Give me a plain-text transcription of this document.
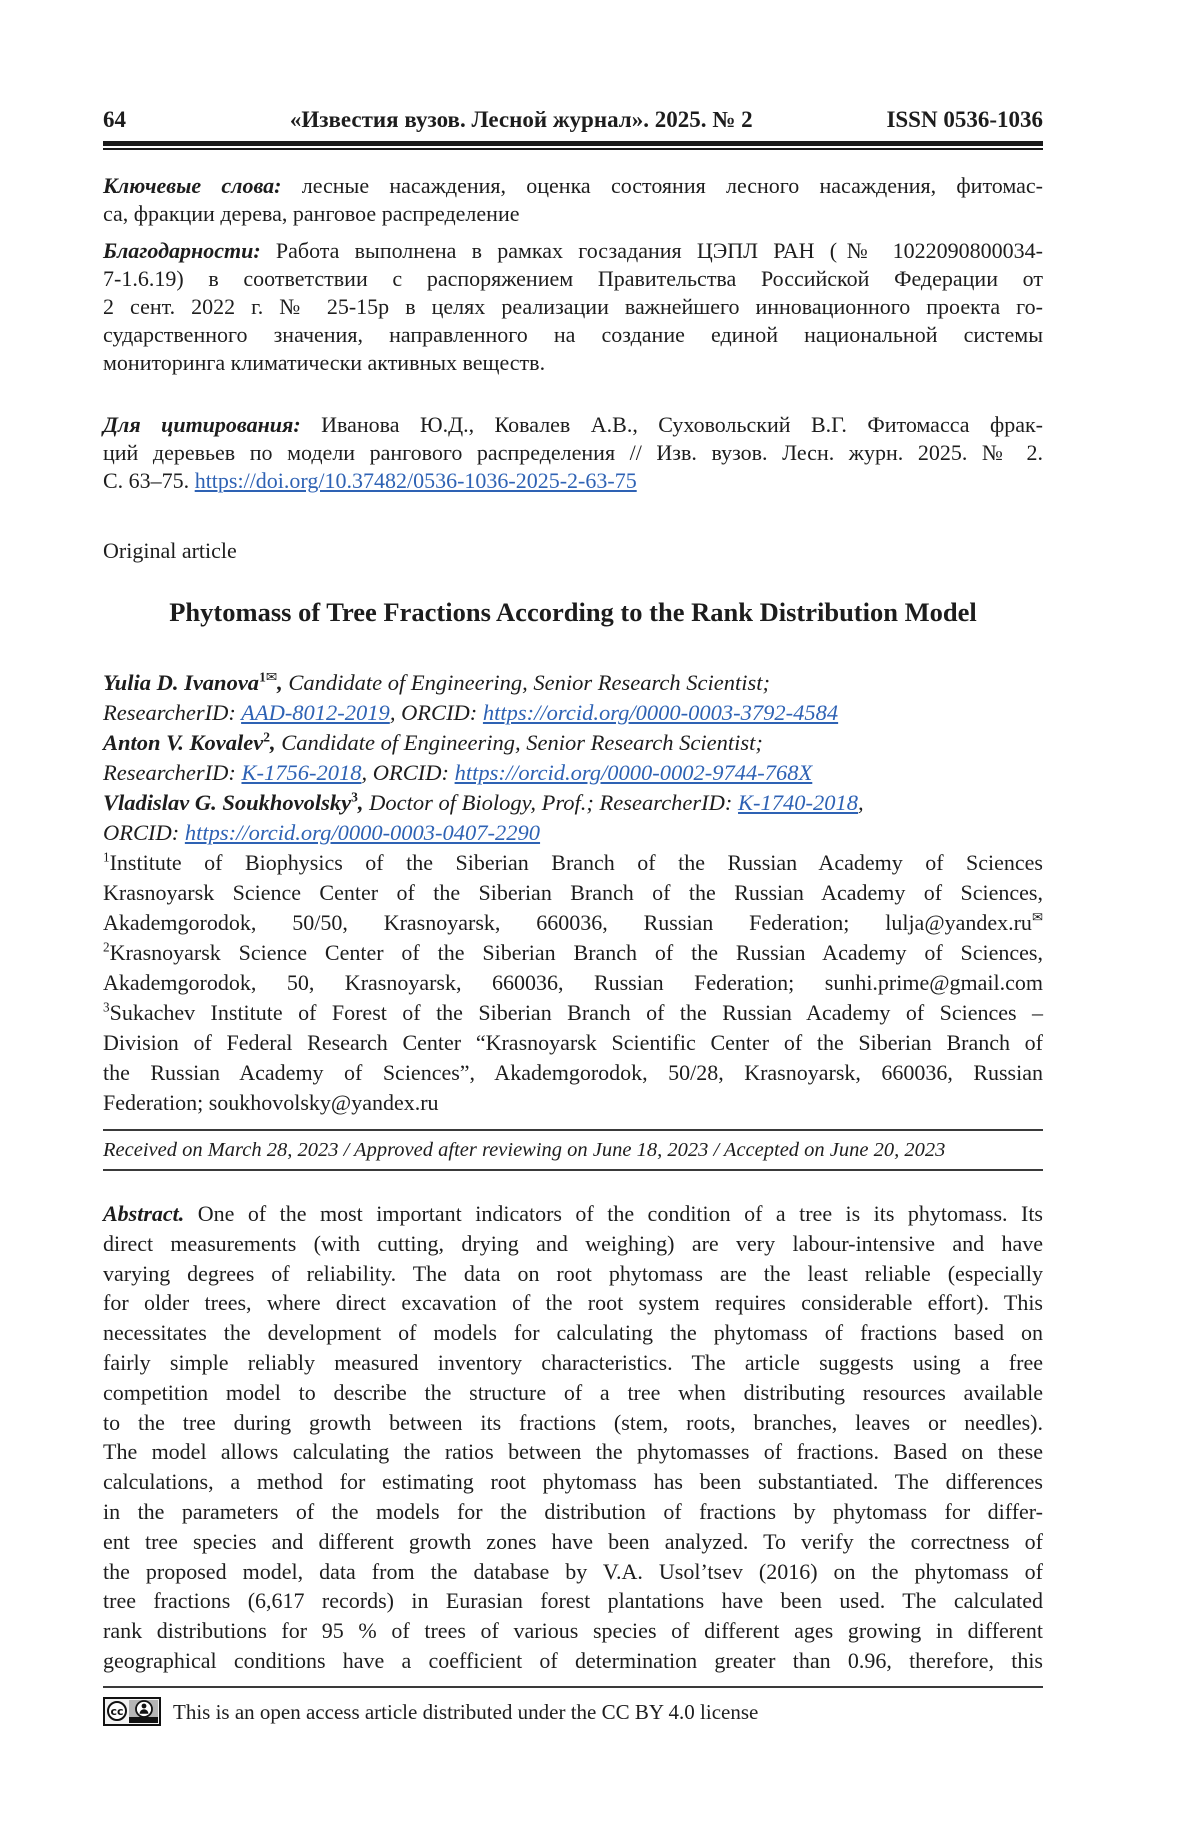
64	«Известия вузов. Лесной журнал». 2025. № 2	ISSN 0536-1036
Ключевые слова: лесные насаждения, оценка состояния лесного насаждения, фитомас-
са, фракции дерева, ранговое распределение
Благодарности: Работа выполнена в рамках госзадания ЦЭПЛ РАН (№ 1022090800034-
7-1.6.19) в соответствии с распоряжением Правительства Российской Федерации от
2 сент. 2022 г. № 25-15р в целях реализации важнейшего инновационного проекта го-
сударственного значения, направленного на создание единой национальной системы
мониторинга климатически активных веществ.
Для цитирования: Иванова Ю.Д., Ковалев А.В., Суховольский В.Г. Фитомасса фрак-
ций деревьев по модели рангового распределения // Изв. вузов. Лесн. журн. 2025. № 2.
С. 63–75. https://doi.org/10.37482/0536-1036-2025-2-63-75
Original article
Phytomass of Tree Fractions According to the Rank Distribution Model
Yulia D. Ivanova$^{1✉}$, Candidate of Engineering, Senior Research Scientist;
ResearcherID: AAD-8012-2019, ORCID: https://orcid.org/0000-0003-3792-4584
Anton V. Kovalev$^2$, Candidate of Engineering, Senior Research Scientist;
ResearcherID: K-1756-2018, ORCID: https://orcid.org/0000-0002-9744-768X
Vladislav G. Soukhovolsky$^3$, Doctor of Biology, Prof.; ResearcherID: K-1740-2018,
ORCID: https://orcid.org/0000-0003-0407-2290
$^1$Institute of Biophysics of the Siberian Branch of the Russian Academy of Sciences
Krasnoyarsk Science Center of the Siberian Branch of the Russian Academy of Sciences,
Akademgorodok, 50/50, Krasnoyarsk, 660036, Russian Federation; lulja@yandex.ru✉
$^2$Krasnoyarsk Science Center of the Siberian Branch of the Russian Academy of Sciences,
Akademgorodok, 50, Krasnoyarsk, 660036, Russian Federation; sunhi.prime@gmail.com
$^3$Sukachev Institute of Forest of the Siberian Branch of the Russian Academy of Sciences –
Division of Federal Research Center “Krasnoyarsk Scientific Center of the Siberian Branch of
the Russian Academy of Sciences”, Akademgorodok, 50/28, Krasnoyarsk, 660036, Russian
Federation; soukhovolsky@yandex.ru
Received on March 28, 2023 / Approved after reviewing on June 18, 2023 / Accepted on June 20, 2023
Abstract. One of the most important indicators of the condition of a tree is its phytomass. Its
direct measurements (with cutting, drying and weighing) are very labour-intensive and have
varying degrees of reliability. The data on root phytomass are the least reliable (especially
for older trees, where direct excavation of the root system requires considerable effort). This
necessitates the development of models for calculating the phytomass of fractions based on
fairly simple reliably measured inventory characteristics. The article suggests using a free
competition model to describe the structure of a tree when distributing resources available
to the tree during growth between its fractions (stem, roots, branches, leaves or needles).
The model allows calculating the ratios between the phytomasses of fractions. Based on these
calculations, a method for estimating root phytomass has been substantiated. The differences
in the parameters of the models for the distribution of fractions by phytomass for differ-
ent tree species and different growth zones have been analyzed. To verify the correctness of
the proposed model, data from the database by V.A. Usol’tsev (2016) on the phytomass of
tree fractions (6,617 records) in Eurasian forest plantations have been used. The calculated
rank distributions for 95 % of trees of various species of different ages growing in different
geographical conditions have a coefficient of determination greater than 0.96, therefore, this
cc This is an open access article distributed under the CC BY 4.0 license
